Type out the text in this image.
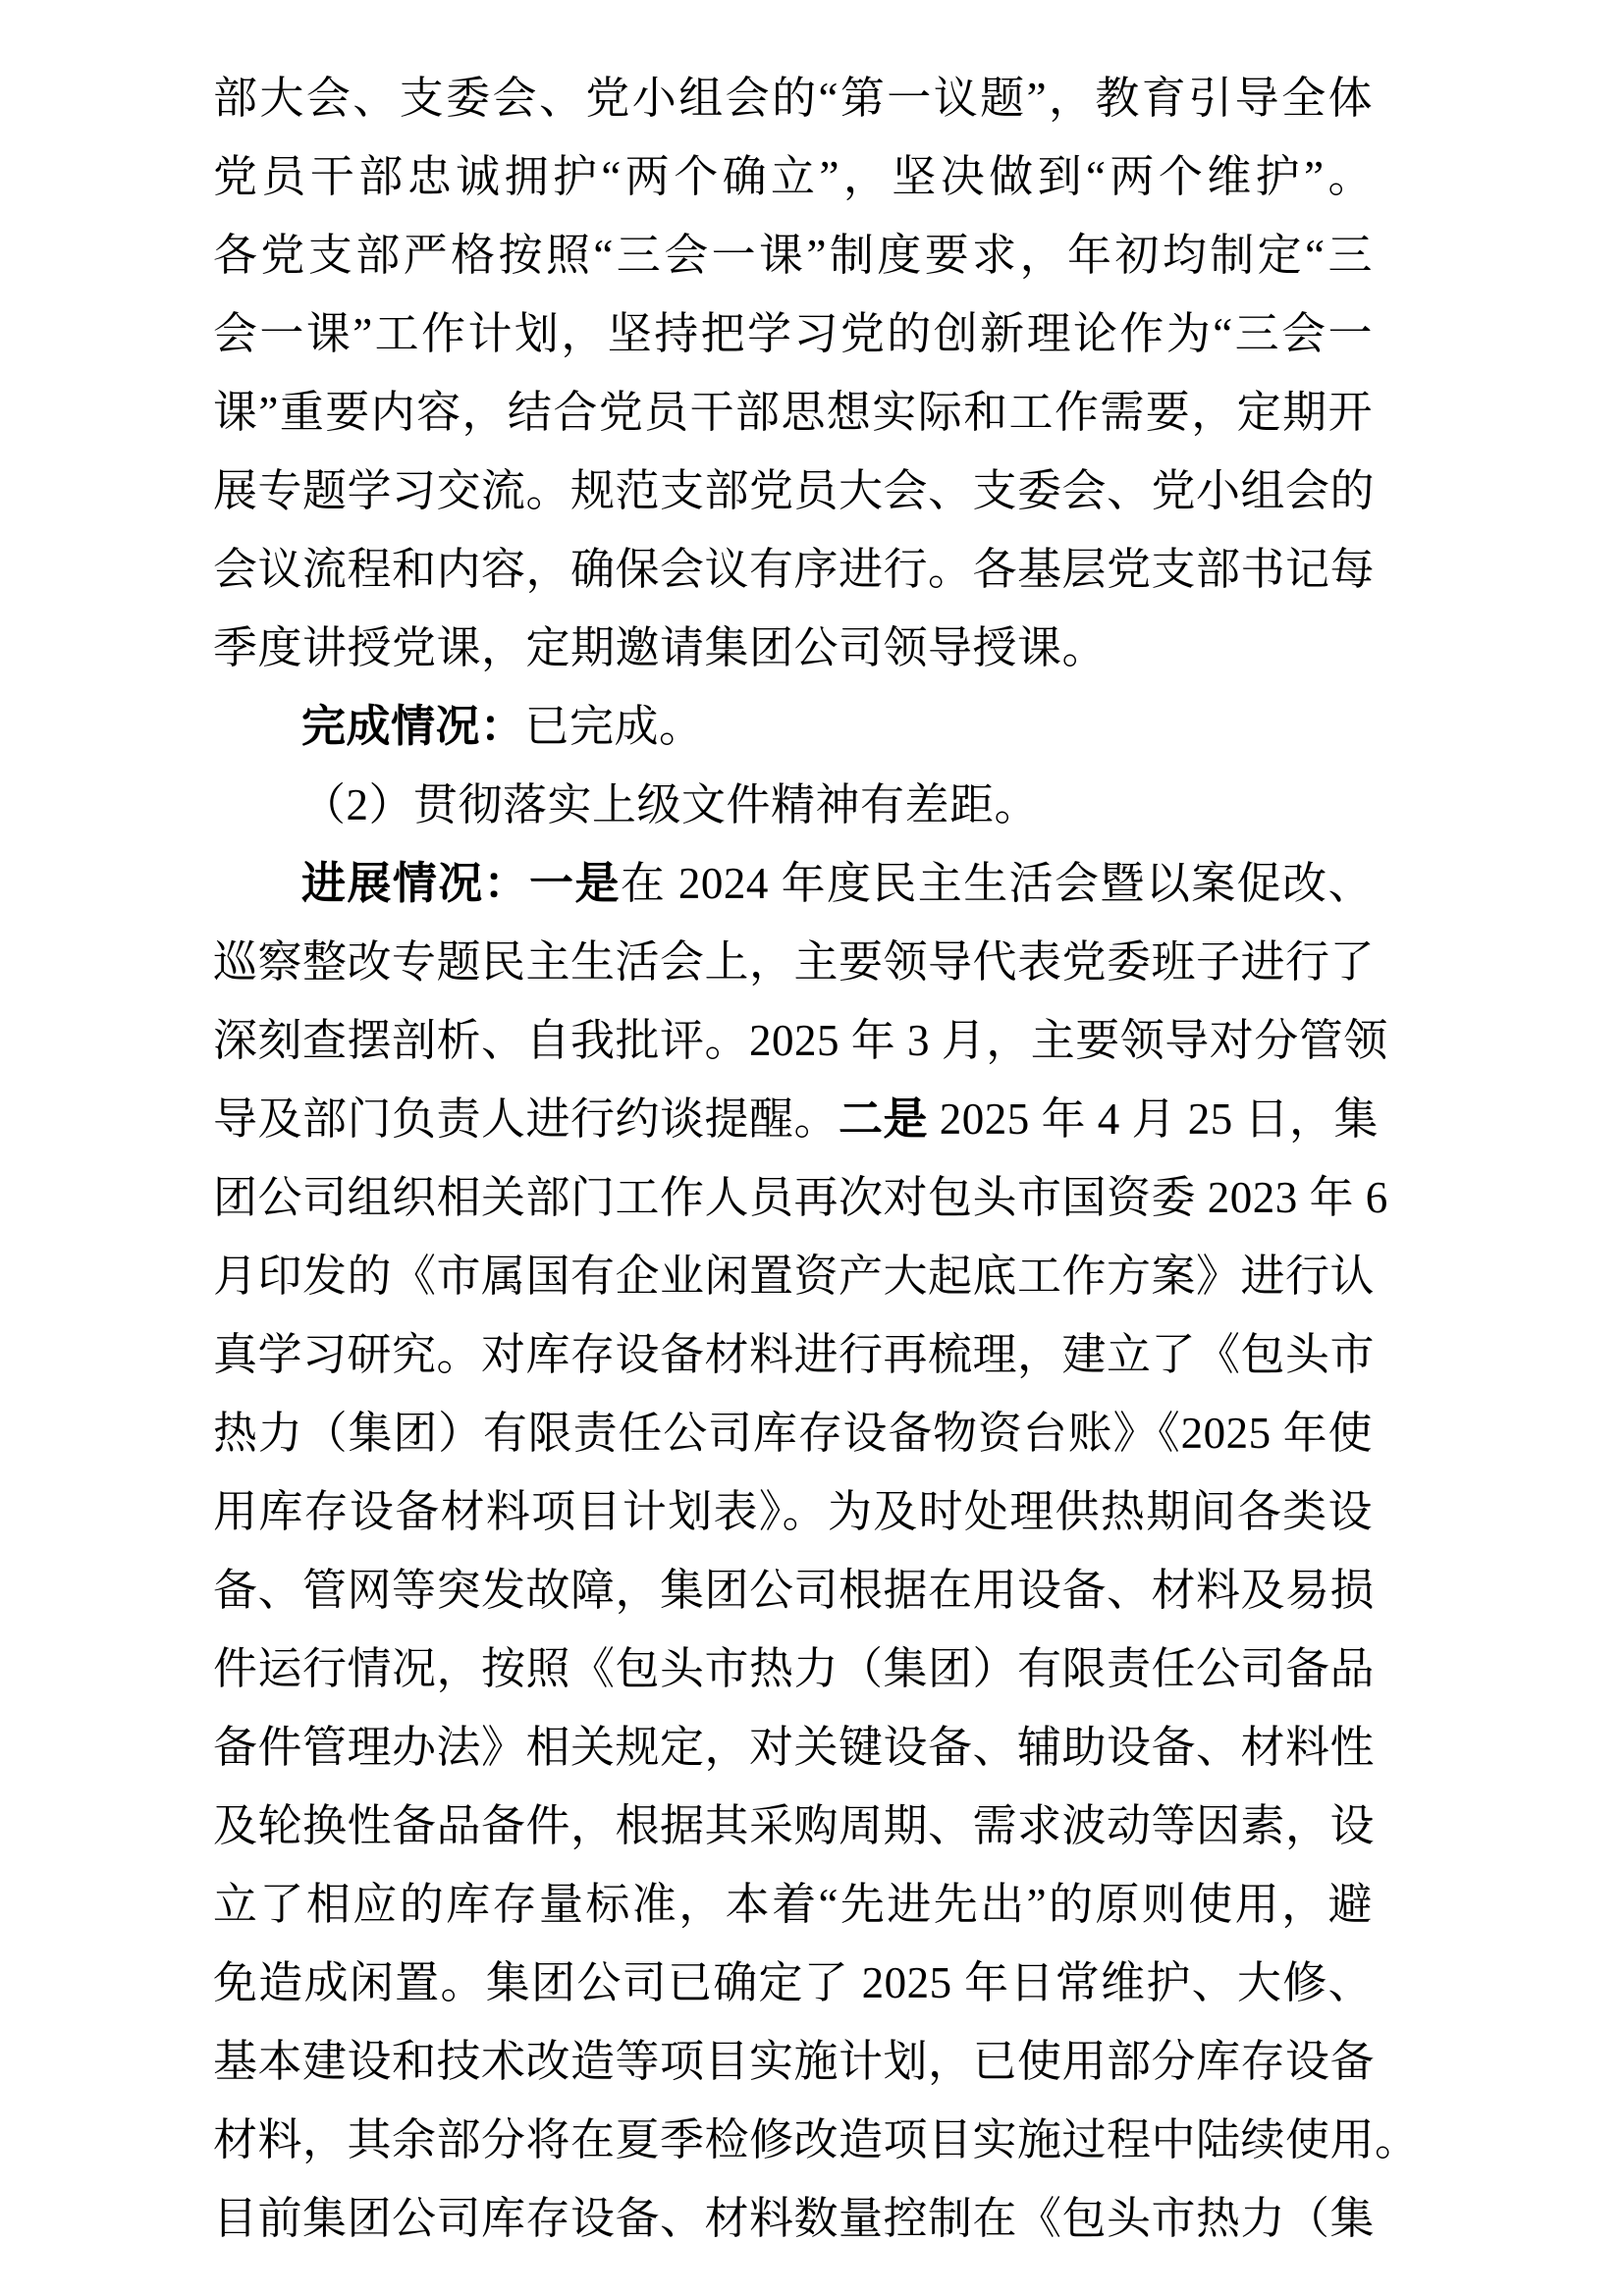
部大会、支委会、党小组会的“第一议题”，教育引导全体
党员干部忠诚拥护“两个确立”，坚决做到“两个维护”。
各党支部严格按照“三会一课”制度要求，年初均制定“三
会一课”工作计划，坚持把学习党的创新理论作为“三会一
课”重要内容，结合党员干部思想实际和工作需要，定期开
展专题学习交流。规范支部党员大会、支委会、党小组会的
会议流程和内容，确保会议有序进行。各基层党支部书记每
季度讲授党课，定期邀请集团公司领导授课。
完成情况：已完成。
（2）贯彻落实上级文件精神有差距。
进展情况：一是在 2024 年度民主生活会暨以案促改、
巡察整改专题民主生活会上，主要领导代表党委班子进行了
深刻查摆剖析、自我批评。2025 年 3 月，主要领导对分管领
导及部门负责人进行约谈提醒。二是 2025 年 4 月 25 日，集
团公司组织相关部门工作人员再次对包头市国资委 2023 年 6
月印发的《市属国有企业闲置资产大起底工作方案》进行认
真学习研究。对库存设备材料进行再梳理，建立了《包头市
热力（集团）有限责任公司库存设备物资台账》《2025 年使
用库存设备材料项目计划表》。为及时处理供热期间各类设
备、管网等突发故障，集团公司根据在用设备、材料及易损
件运行情况，按照《包头市热力（集团）有限责任公司备品
备件管理办法》相关规定，对关键设备、辅助设备、材料性
及轮换性备品备件，根据其采购周期、需求波动等因素，设
立了相应的库存量标准，本着“先进先出”的原则使用，避
免造成闲置。集团公司已确定了 2025 年日常维护、大修、
基本建设和技术改造等项目实施计划，已使用部分库存设备
材料，其余部分将在夏季检修改造项目实施过程中陆续使用。
目前集团公司库存设备、材料数量控制在《包头市热力（集
